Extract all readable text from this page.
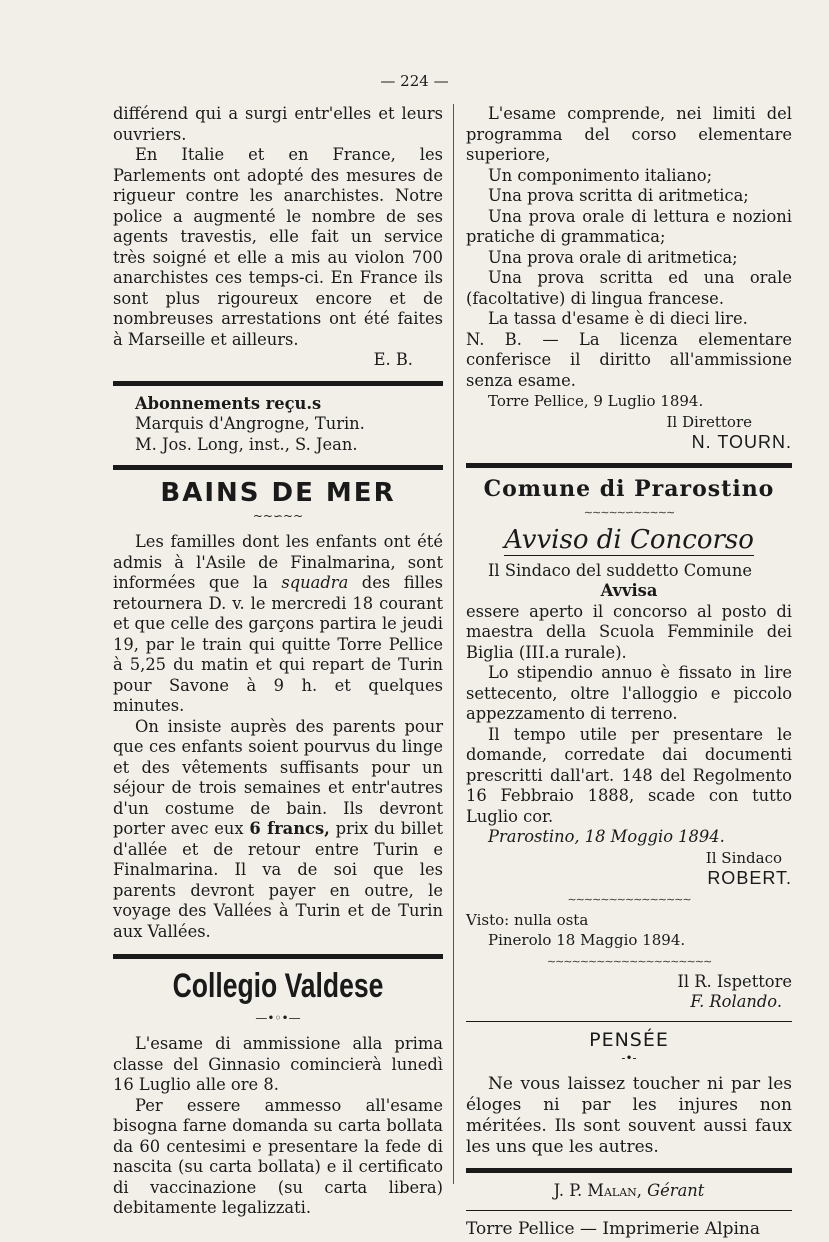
— 224 —

différend qui a surgi entr'elles et leurs ouvriers.

En Italie et en France, les Parlements ont adopté des mesures de rigueur contre les anarchistes. Notre police a augmenté le nombre de ses agents travestis, elle fait un service très soigné et elle a mis au violon 700 anarchistes ces temps-ci. En France ils sont plus rigoureux encore et de nombreuses arrestations ont été faites à Marseille et ailleurs.

E. B.

Abonnements reçu.s

Marquis d'Angrogne, Turin.

M. Jos. Long, inst., S. Jean.

BAINS DE MER
~~∽~~

Les familles dont les enfants ont été admis à l'Asile de Finalmarina, sont informées que la squadra des filles retournera D. v. le mercredi 18 courant et que celle des garçons partira le jeudi 19, par le train qui quitte Torre Pellice à 5,25 du matin et qui repart de Turin pour Savone à 9 h. et quelques minutes.

On insiste auprès des parents pour que ces enfants soient pourvus du linge et des vêtements suffisants pour un séjour de trois semaines et entr'autres d'un costume de bain. Ils devront porter avec eux 6 francs, prix du billet d'allée et de retour entre Turin e Finalmarina. Il va de soi que les parents devront payer en outre, le voyage des Vallées à Turin et de Turin aux Vallées.

Collegio Valdese
—•◦•—

L'esame di ammissione alla prima classe del Ginnasio comincierà lunedì 16 Luglio alle ore 8.

Per essere ammesso all'esame bisogna farne domanda su carta bollata da 60 centesimi e presentare la fede di nascita (su carta bollata) e il certificato di vaccinazione (su carta libera) debitamente legalizzati.

L'esame comprende, nei limiti del programma del corso elementare superiore,

Un componimento italiano;

Una prova scritta di aritmetica;

Una prova orale di lettura e nozioni pratiche di grammatica;

Una prova orale di aritmetica;

Una prova scritta ed una orale (facoltative) di lingua francese.

La tassa d'esame è di dieci lire.

N. B. — La licenza elementare conferisce il diritto all'ammissione senza esame.

Torre Pellice, 9 Luglio 1894.

Il Direttore

N. TOURN.

Comune di Prarostino
∼∼∼∼∼∽∼∼∼∼∼
Avviso di Concorso

Il Sindaco del suddetto Comune

Avvisa

essere aperto il concorso al posto di maestra della Scuola Femminile dei Biglia (III.a rurale).

Lo stipendio annuo è fissato in lire settecento, oltre l'alloggio e piccolo appezzamento di terreno.

Il tempo utile per presentare le domande, corredate dai documenti prescritti dall'art. 148 del Regolmento 16 Febbraio 1888, scade con tutto Luglio cor.

Prarostino, 18 Moggio 1894.

Il Sindaco

ROBERT.

∼∼∼∼∼∼∼∼∼∼∼∼∼∼∼

Visto: nulla osta

Pinerolo 18 Maggio 1894.

∼∼∼∼∼∼∼∼∼∼∼∼∼∼∼∼∼∼∼∼

Il R. Ispettore

F. Rolando.

PENSÉE

-•-

Ne vous laissez toucher ni par les éloges ni par les injures non méritées. Ils sont souvent aussi faux les uns que les autres.

J. P. Malan, Gérant

Torre Pellice — Imprimerie Alpina
